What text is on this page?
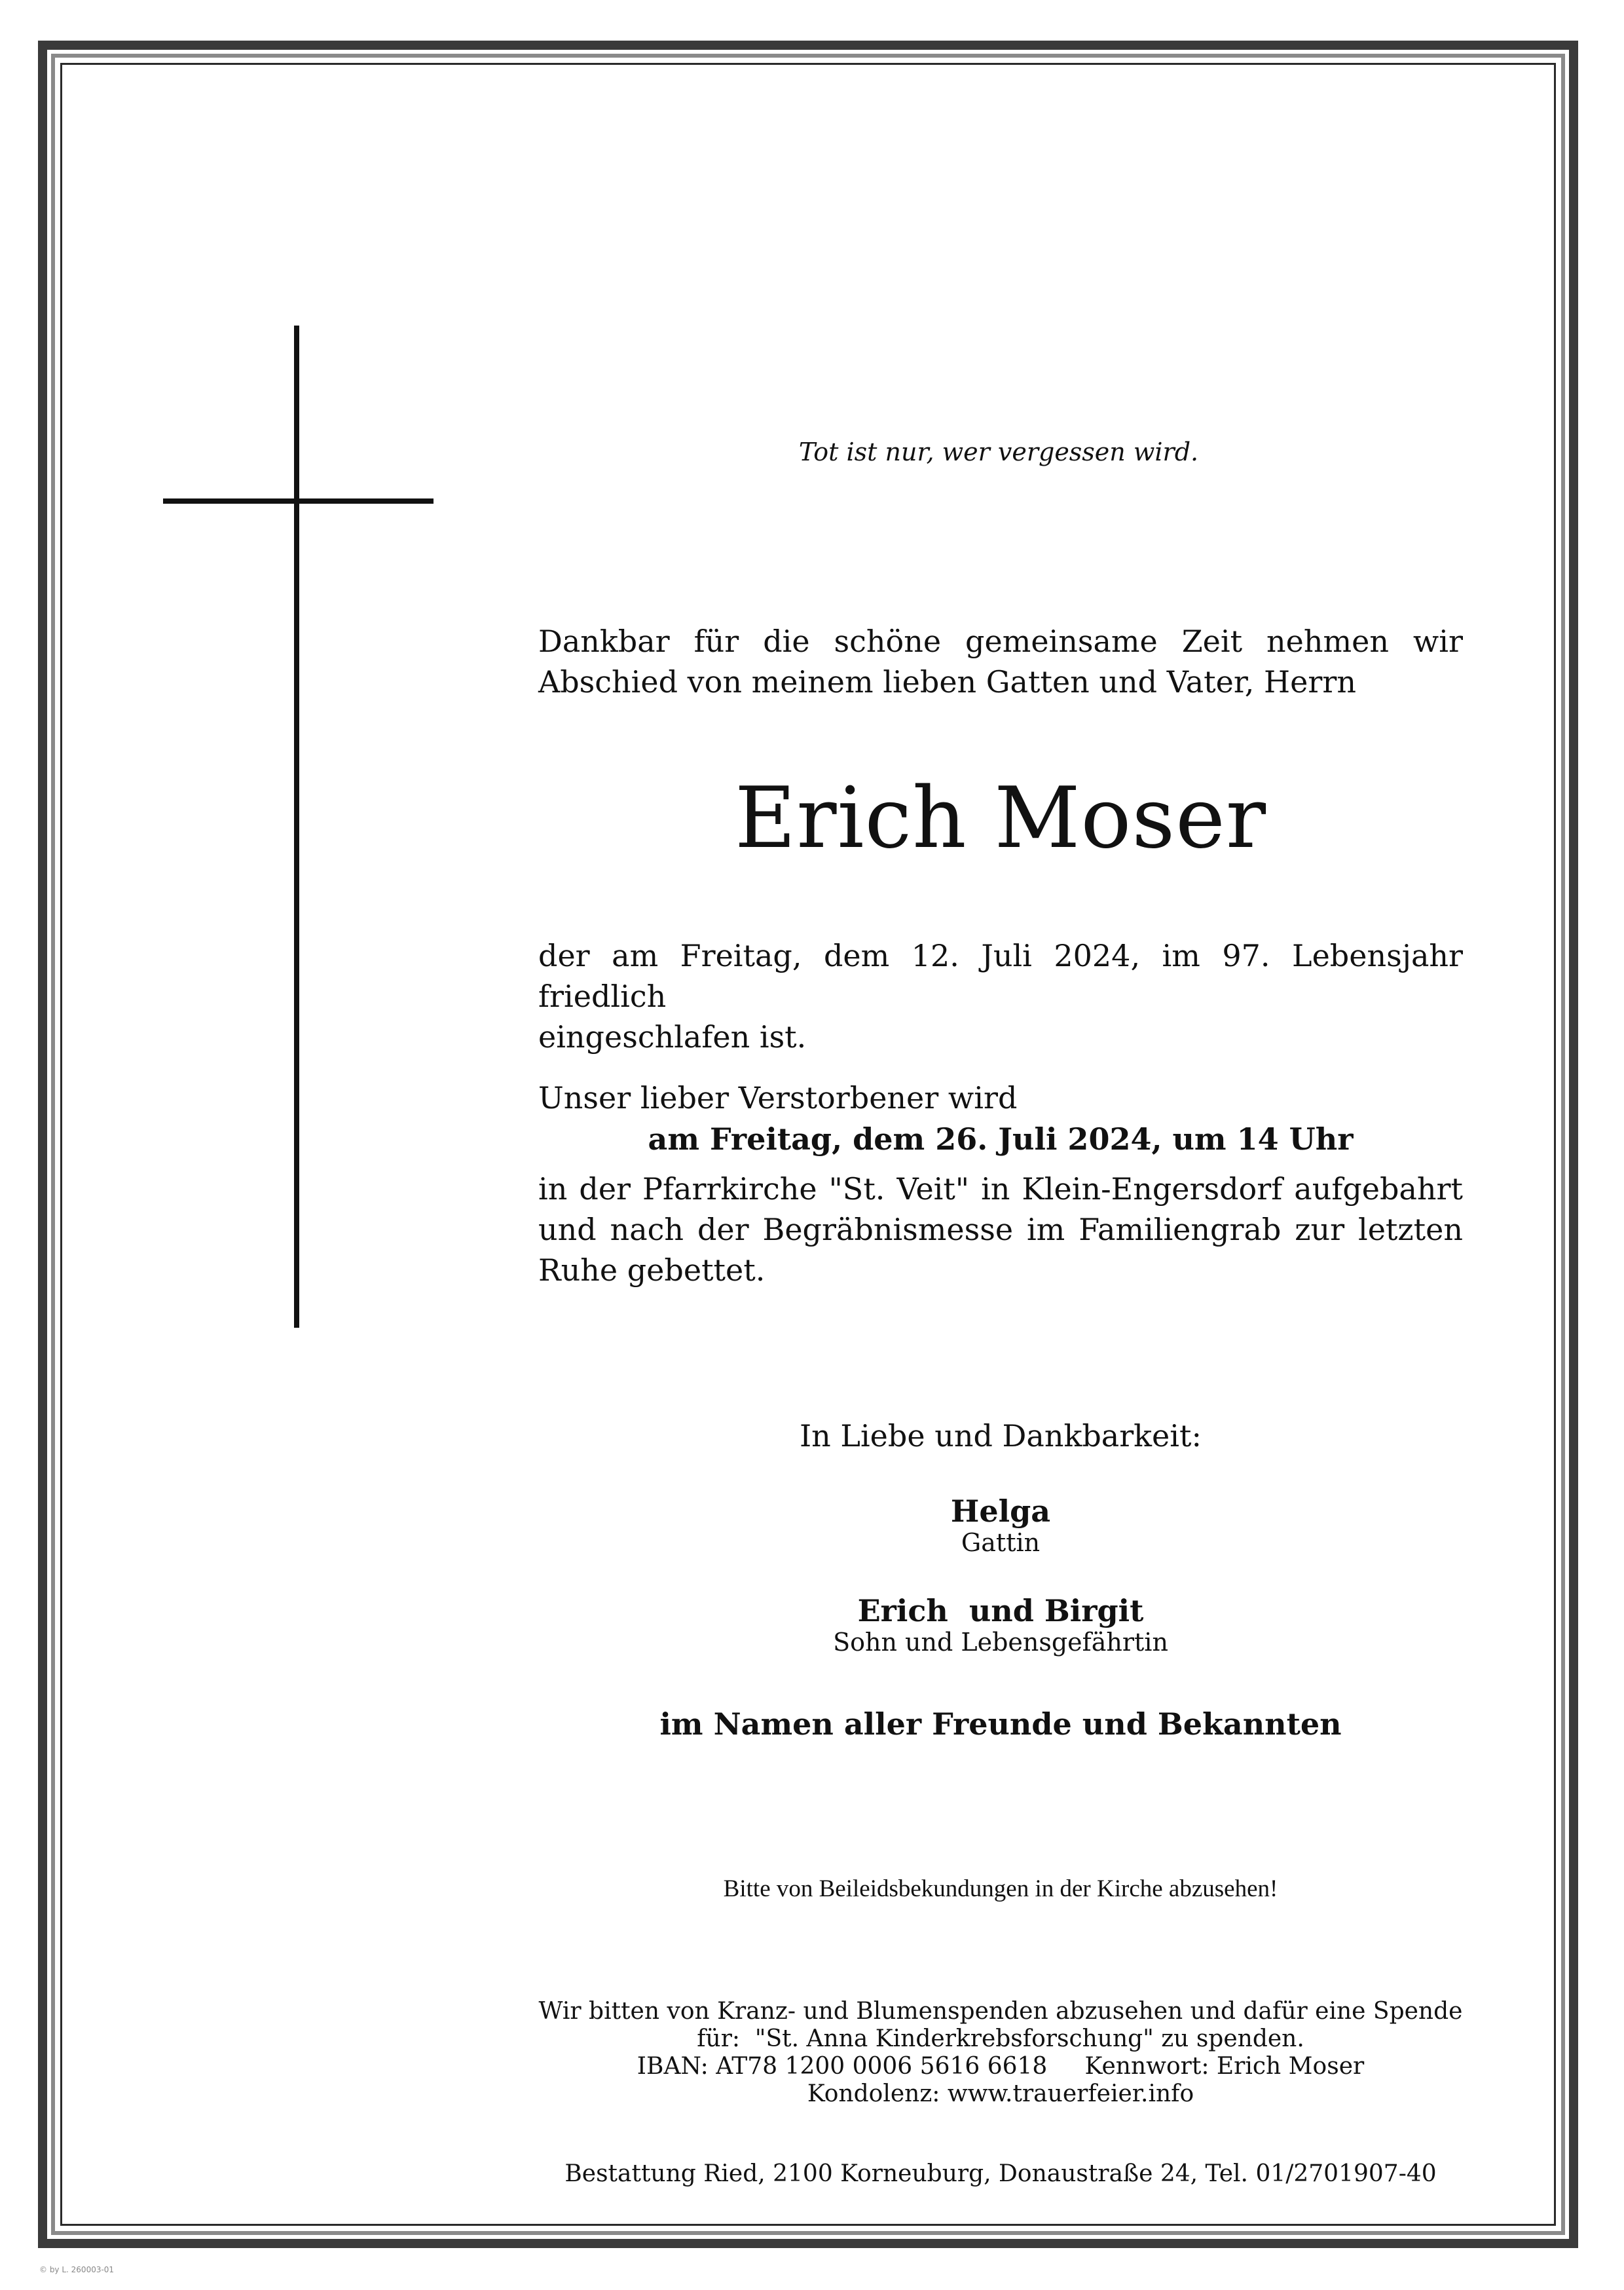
Tot ist nur, wer vergessen wird.
Dankbar für die schöne gemeinsame Zeit nehmen wir
Abschied von meinem lieben Gatten und Vater, Herrn
Erich Moser
der am Freitag, dem 12. Juli 2024, im 97. Lebensjahr friedlich
eingeschlafen ist.
Unser lieber Verstorbener wird
am Freitag, dem 26. Juli 2024, um 14 Uhr
in der Pfarrkirche "St. Veit" in Klein-Engersdorf aufgebahrt
und nach der Begräbnismesse im Familiengrab zur letzten
Ruhe gebettet.
In Liebe und Dankbarkeit:
Helga
Gattin
Erich  und Birgit
Sohn und Lebensgefährtin
im Namen aller Freunde und Bekannten
Bitte von Beileidsbekundungen in der Kirche abzusehen!
Wir bitten von Kranz- und Blumenspenden abzusehen und dafür eine Spende
für:  "St. Anna Kinderkrebsforschung" zu spenden.
IBAN: AT78 1200 0006 5616 6618     Kennwort: Erich Moser
Kondolenz: www.trauerfeier.info
Bestattung Ried, 2100 Korneuburg, Donaustraße 24, Tel. 01/2701907-40
© by L. 260003-01
